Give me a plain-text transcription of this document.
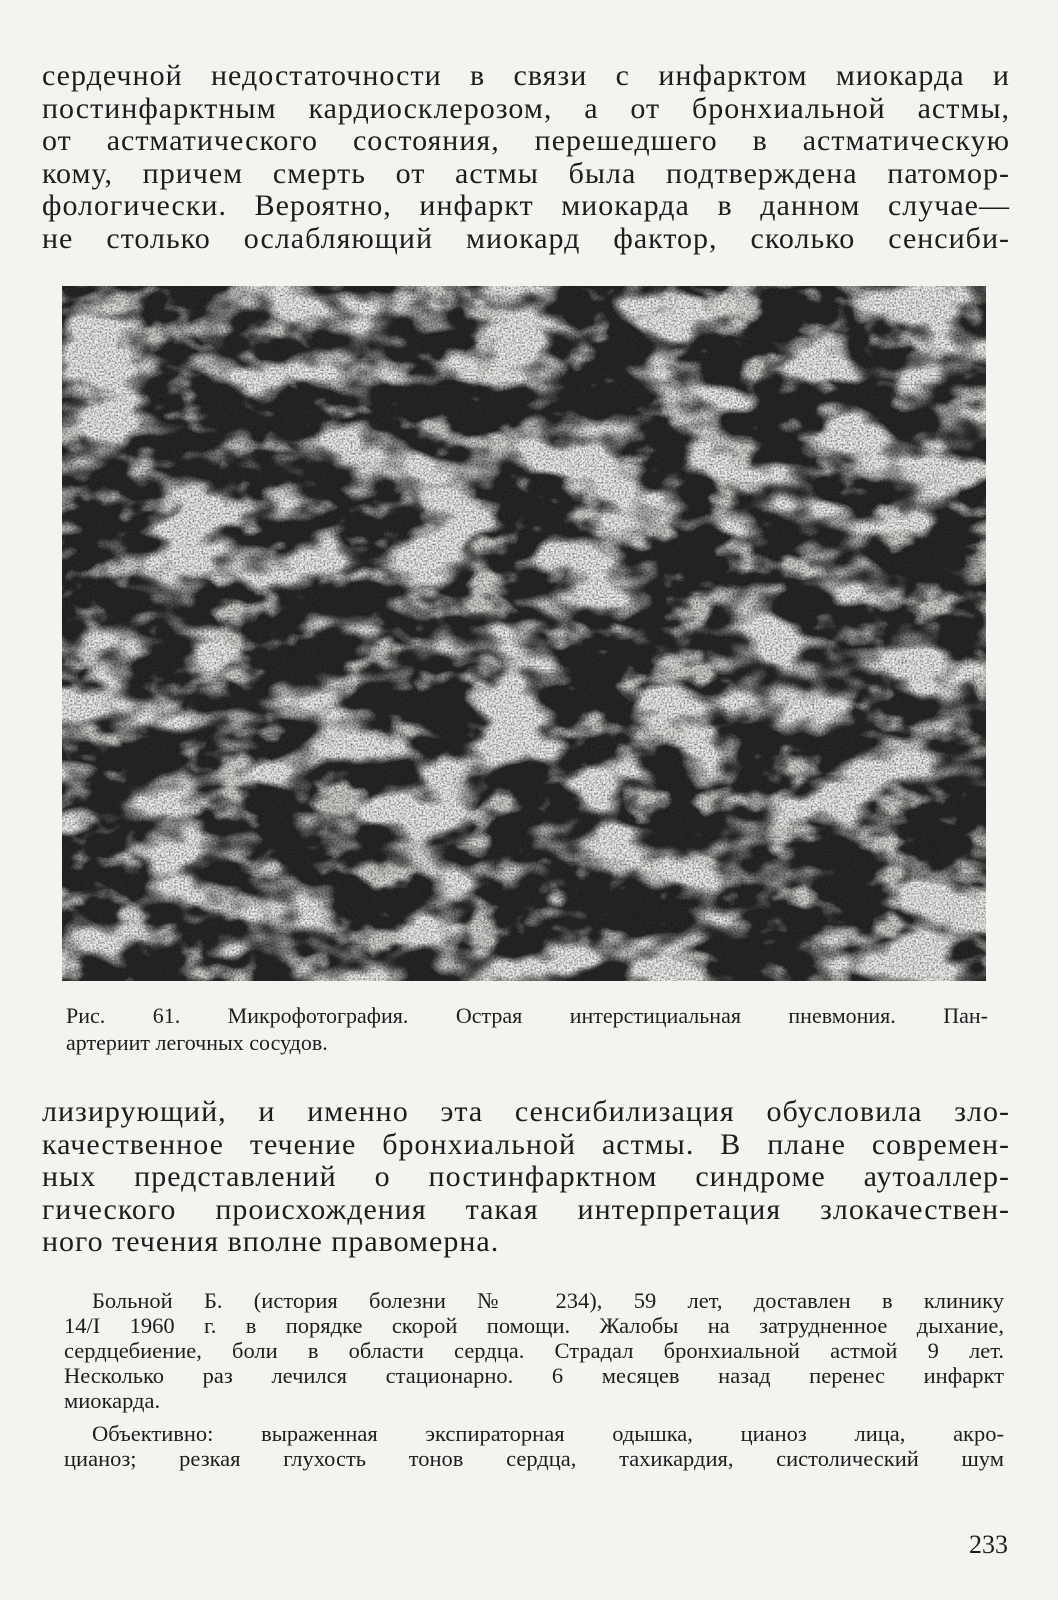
сердечной недостаточности в связи с инфарктом миокарда и
постинфарктным кардиосклерозом, а от бронхиальной астмы,
от астматического состояния, перешедшего в астматическую
кому, причем смерть от астмы была подтверждена патомор-
фологически. Вероятно, инфаркт миокарда в данном случае—
не столько ослабляющий миокард фактор, сколько сенсиби-
Рис. 61. Микрофотография. Острая интерстициальная пневмония. Пан-
артериит легочных сосудов.
лизирующий, и именно эта сенсибилизация обусловила зло-
качественное течение бронхиальной астмы. В плане современ-
ных представлений о постинфарктном синдроме аутоаллер-
гического происхождения такая интерпретация злокачествен-
ного течения вполне правомерна.
Больной Б. (история болезни № 234), 59 лет, доставлен в клинику
14/I 1960 г. в порядке скорой помощи. Жалобы на затрудненное дыхание,
сердцебиение, боли в области сердца. Страдал бронхиальной астмой 9 лет.
Несколько раз лечился стационарно. 6 месяцев назад перенес инфаркт
миокарда.
Объективно: выраженная экспираторная одышка, цианоз лица, акро-
цианоз; резкая глухость тонов сердца, тахикардия, систолический шум
233
